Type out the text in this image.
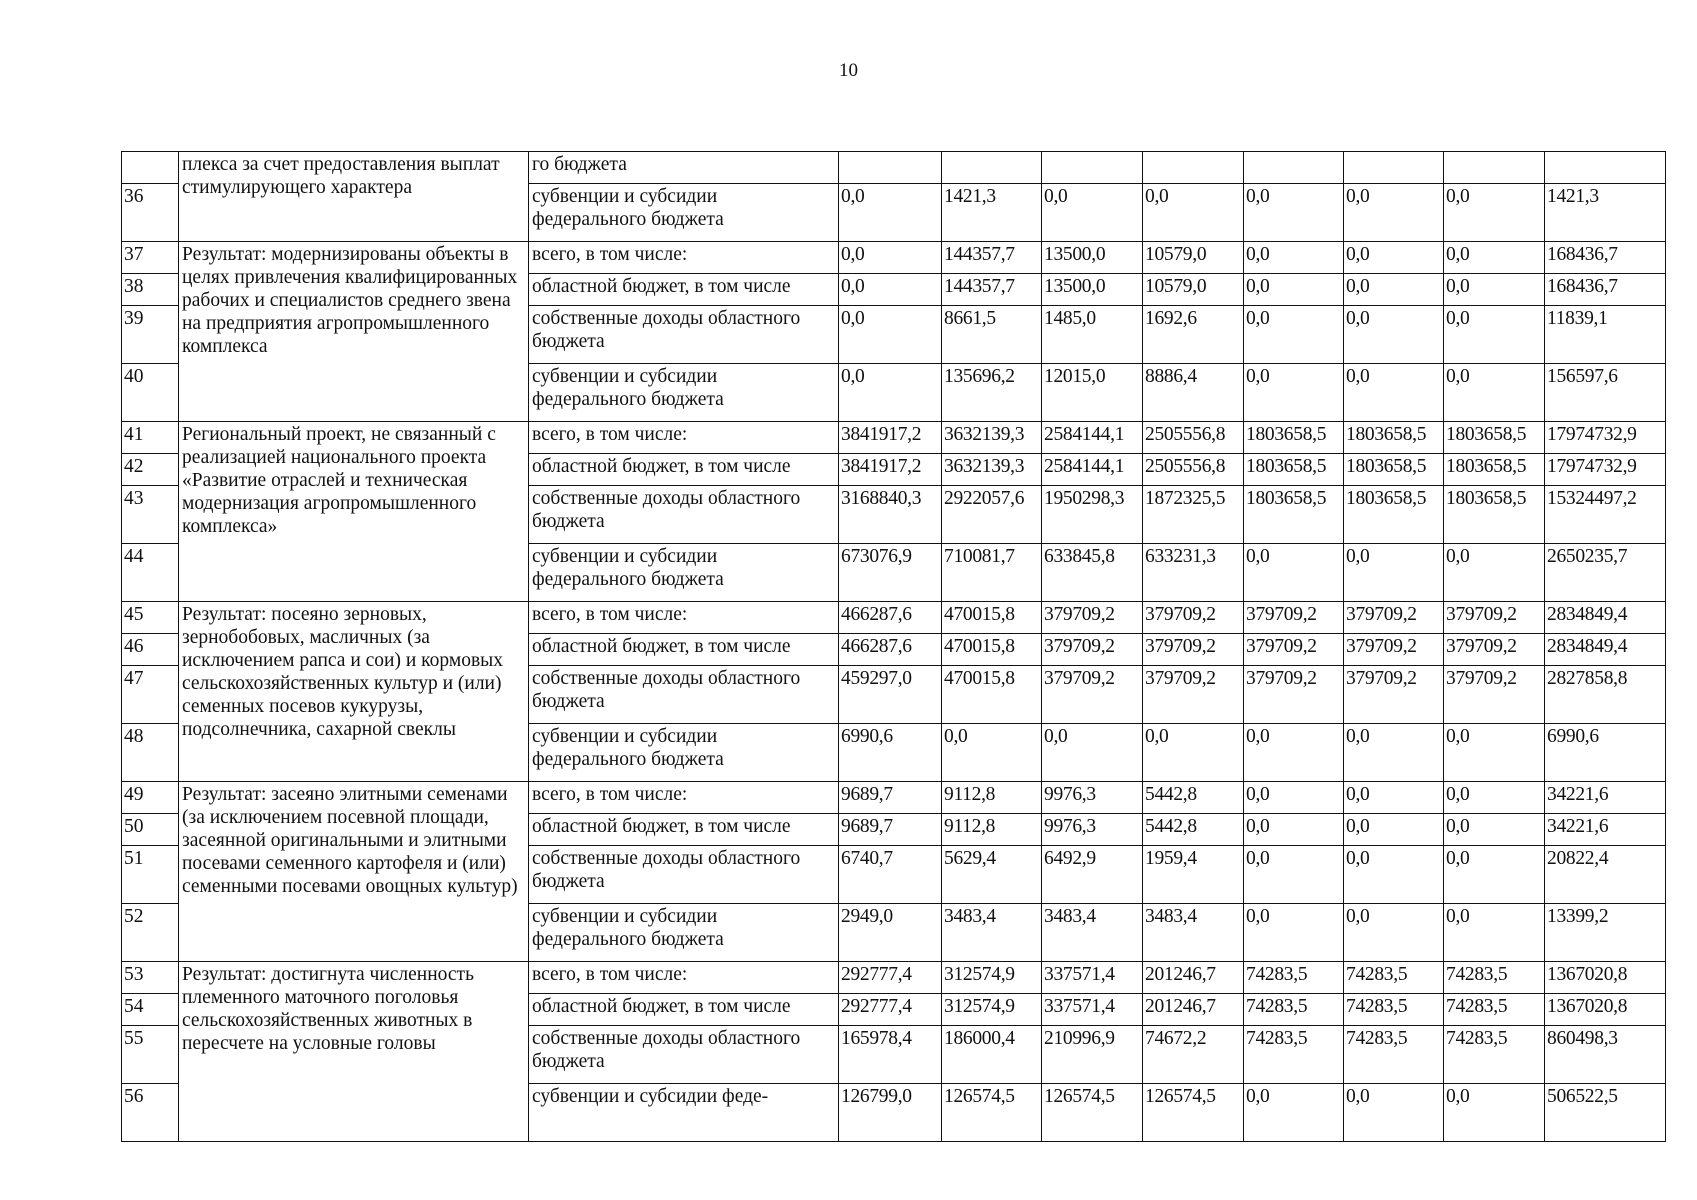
10
	плекса за счет предоставления выплат стимулирующего характера	го бюджета								
36		субвенции и субсидии федерального бюджета	0,0	1421,3	0,0	0,0	0,0	0,0	0,0	1421,3
37	Результат: модернизированы объекты в целях привлечения квалифицированных рабочих и специалистов среднего звена на предприятия агропромышленного комплекса	всего, в том числе:	0,0	144357,7	13500,0	10579,0	0,0	0,0	0,0	168436,7
38		областной бюджет, в том числе	0,0	144357,7	13500,0	10579,0	0,0	0,0	0,0	168436,7
39		собственные доходы областного бюджета	0,0	8661,5	1485,0	1692,6	0,0	0,0	0,0	11839,1
40		субвенции и субсидии федерального бюджета	0,0	135696,2	12015,0	8886,4	0,0	0,0	0,0	156597,6
41	Региональный проект, не связанный с реализацией национального проекта «Развитие отраслей и техническая модернизация агропромышленного комплекса»	всего, в том числе:	3841917,2	3632139,3	2584144,1	2505556,8	1803658,5	1803658,5	1803658,5	17974732,9
42		областной бюджет, в том числе	3841917,2	3632139,3	2584144,1	2505556,8	1803658,5	1803658,5	1803658,5	17974732,9
43		собственные доходы областного бюджета	3168840,3	2922057,6	1950298,3	1872325,5	1803658,5	1803658,5	1803658,5	15324497,2
44		субвенции и субсидии федерального бюджета	673076,9	710081,7	633845,8	633231,3	0,0	0,0	0,0	2650235,7
45	Результат: посеяно зерновых, зернобобовых, масличных (за исключением рапса и сои) и кормовых сельскохозяйственных культур и (или) семенных посевов кукурузы, подсолнечника, сахарной свеклы	всего, в том числе:	466287,6	470015,8	379709,2	379709,2	379709,2	379709,2	379709,2	2834849,4
46		областной бюджет, в том числе	466287,6	470015,8	379709,2	379709,2	379709,2	379709,2	379709,2	2834849,4
47		собственные доходы областного бюджета	459297,0	470015,8	379709,2	379709,2	379709,2	379709,2	379709,2	2827858,8
48		субвенции и субсидии федерального бюджета	6990,6	0,0	0,0	0,0	0,0	0,0	0,0	6990,6
49	Результат: засеяно элитными семенами (за исключением посевной площади, засеянной оригинальными и элитными посевами семенного картофеля и (или) семенными посевами овощных культур)	всего, в том числе:	9689,7	9112,8	9976,3	5442,8	0,0	0,0	0,0	34221,6
50		областной бюджет, в том числе	9689,7	9112,8	9976,3	5442,8	0,0	0,0	0,0	34221,6
51		собственные доходы областного бюджета	6740,7	5629,4	6492,9	1959,4	0,0	0,0	0,0	20822,4
52		субвенции и субсидии федерального бюджета	2949,0	3483,4	3483,4	3483,4	0,0	0,0	0,0	13399,2
53	Результат: достигнута численность племенного маточного поголовья сельскохозяйственных животных в пересчете на условные головы	всего, в том числе:	292777,4	312574,9	337571,4	201246,7	74283,5	74283,5	74283,5	1367020,8
54		областной бюджет, в том числе	292777,4	312574,9	337571,4	201246,7	74283,5	74283,5	74283,5	1367020,8
55		собственные доходы областного бюджета	165978,4	186000,4	210996,9	74672,2	74283,5	74283,5	74283,5	860498,3
56		субвенции и субсидии феде-	126799,0	126574,5	126574,5	126574,5	0,0	0,0	0,0	506522,5
